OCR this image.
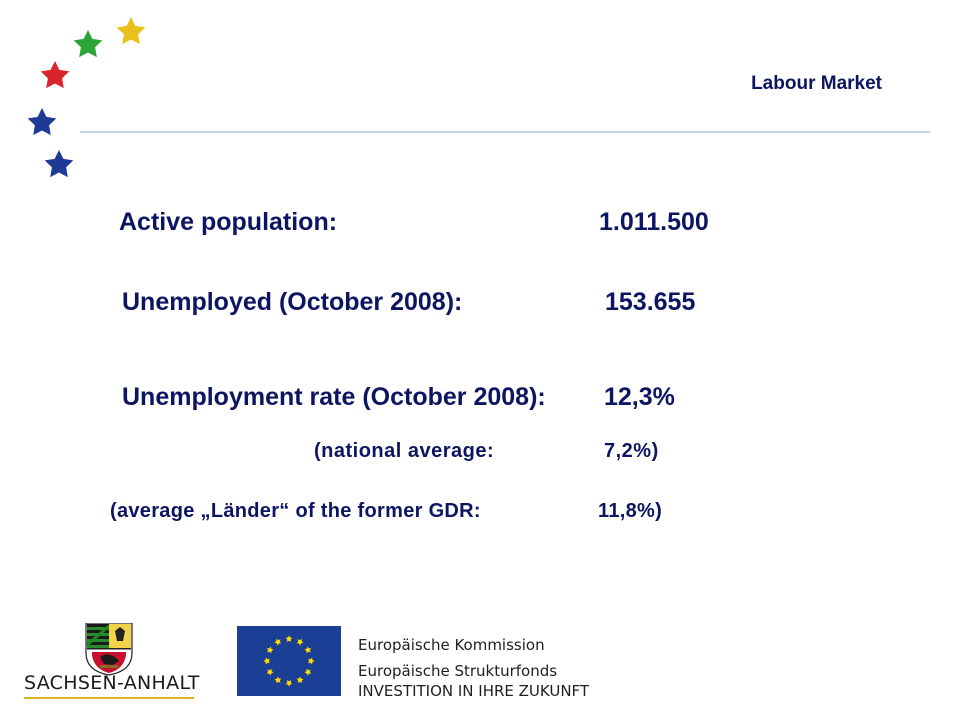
Labour Market
Active population:	1.011.500
Unemployed (October 2008):	153.655
Unemployment rate (October 2008): 12,3%
(national average:	7,2%)
(average „Länder“ of the former GDR:	11,8%)
SACHSEN-ANHALT
Europäische Kommission
Europäische Strukturfonds
INVESTITION IN IHRE ZUKUNFT
